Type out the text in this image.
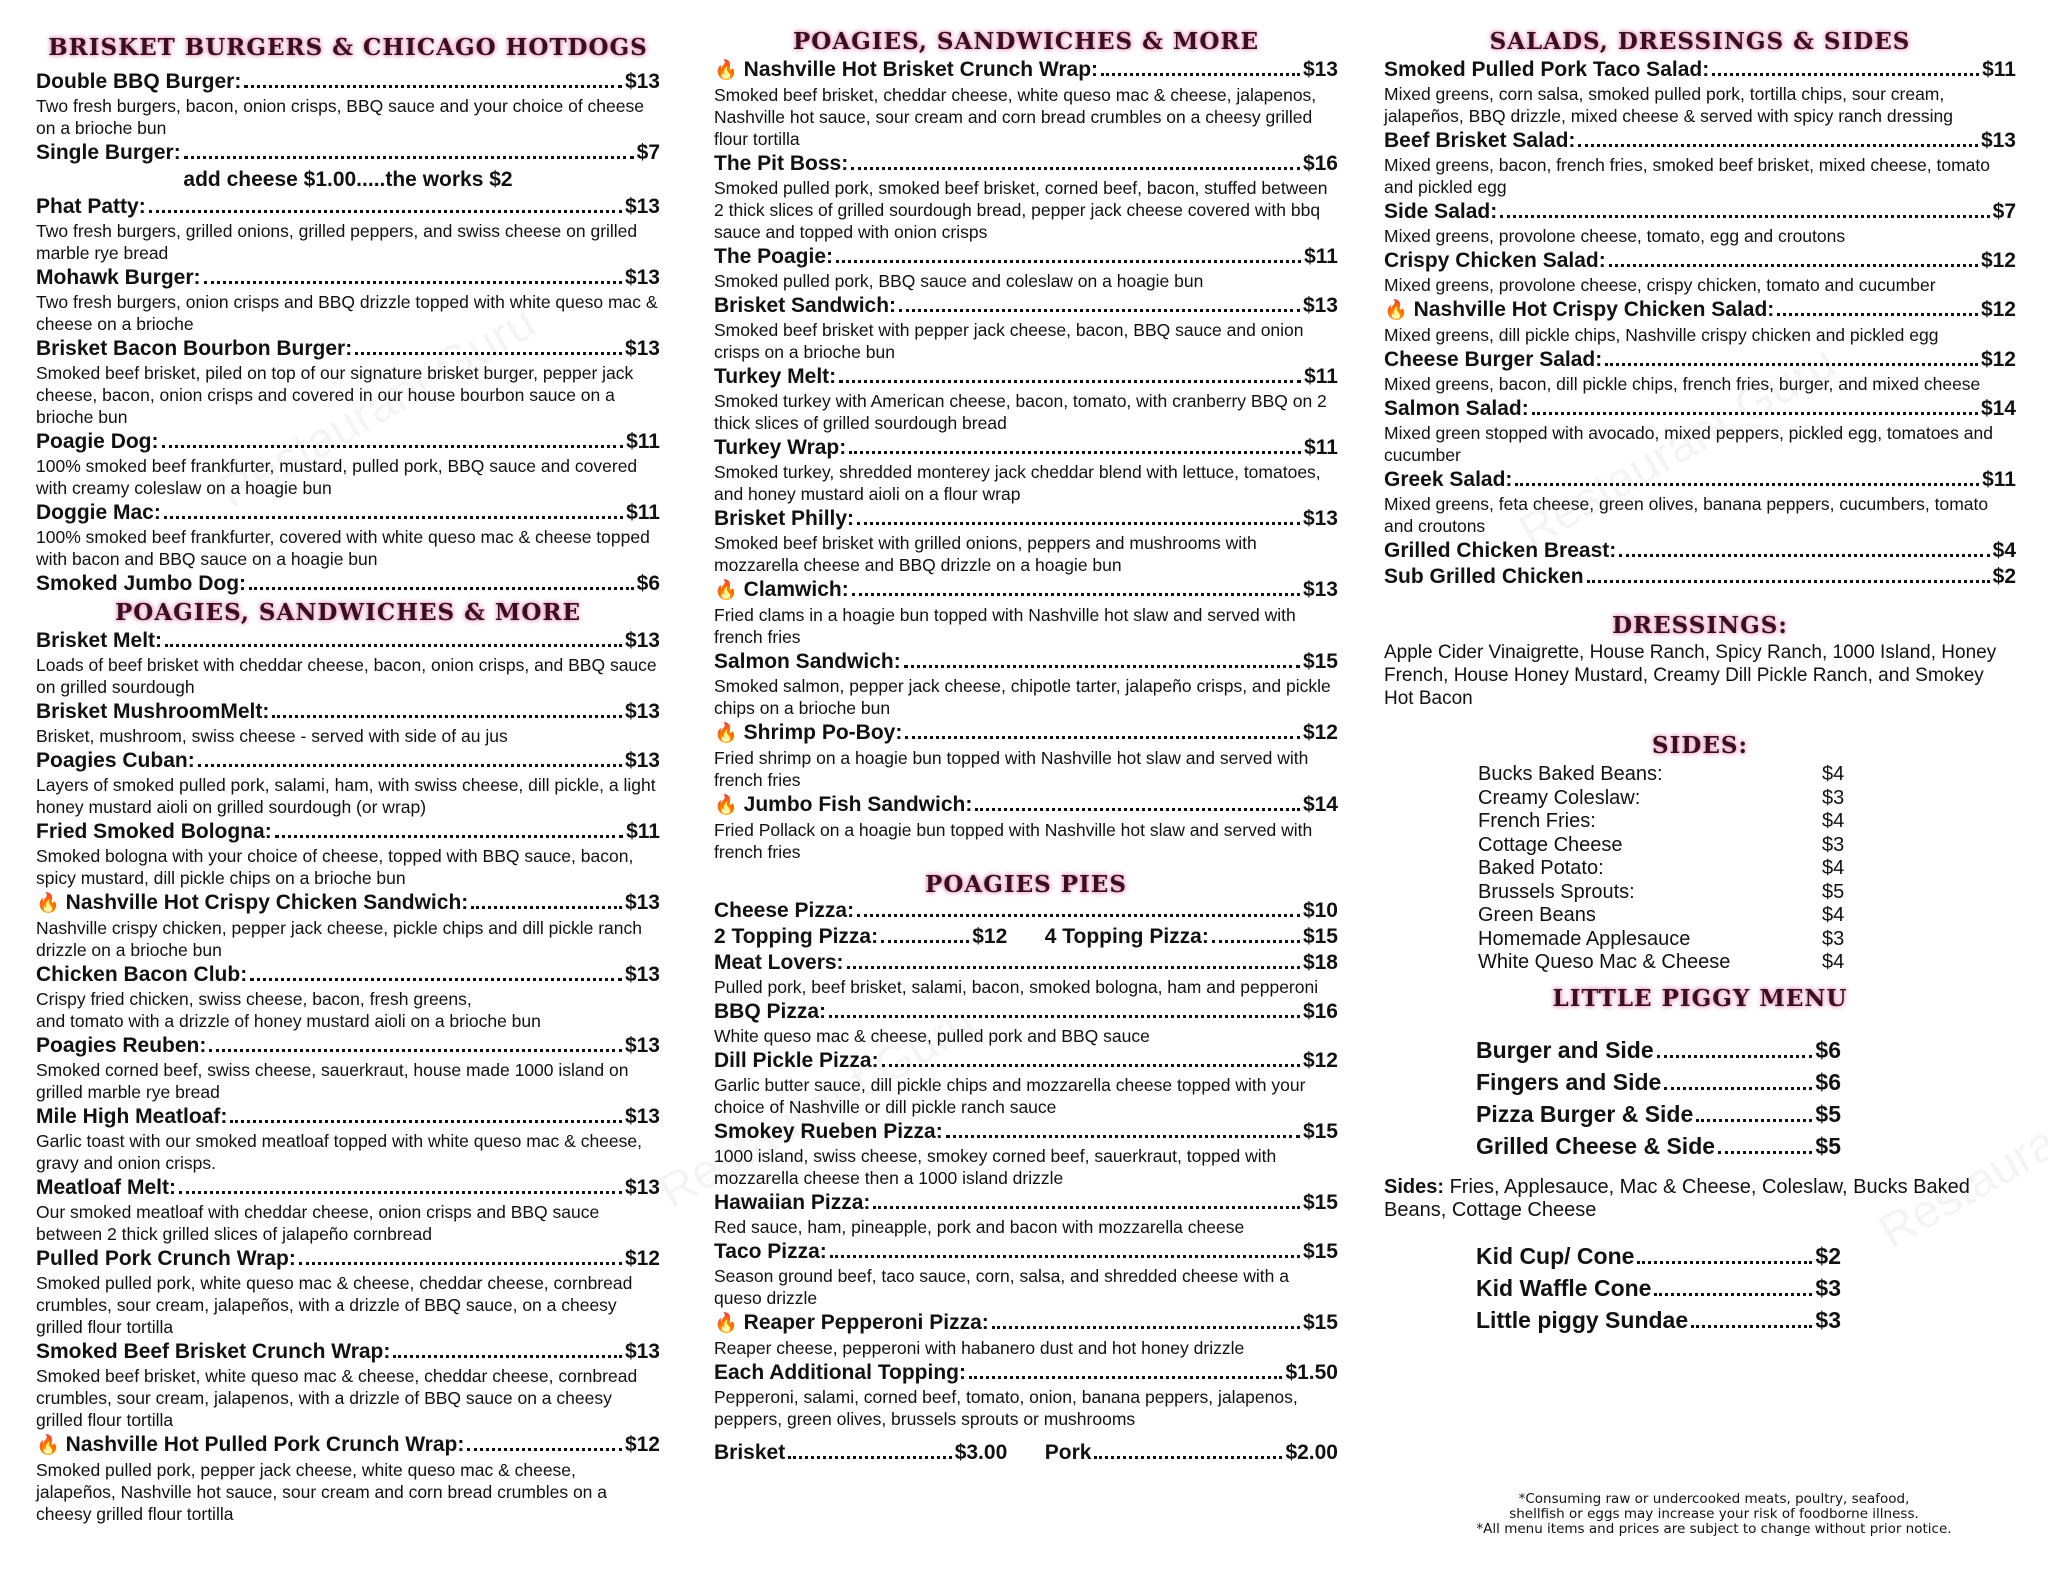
BRISKET BURGERS & CHICAGO HOTDOGS
Double BBQ Burger:	$13

Two fresh burgers, bacon, onion crisps, BBQ sauce and your choice of cheese on a brioche bun

Single Burger:	$7
add cheese $1.00.....the works $2
Phat Patty:	$13

Two fresh burgers, grilled onions, grilled peppers, and swiss cheese on grilled marble rye bread

Mohawk Burger:	$13

Two fresh burgers, onion crisps and BBQ drizzle topped with white queso mac & cheese on a brioche

Brisket Bacon Bourbon Burger:	$13

Smoked beef brisket, piled on top of our signature brisket burger, pepper jack cheese, bacon, onion crisps and covered in our house bourbon sauce on a brioche bun

Poagie Dog:	$11

100% smoked beef frankfurter, mustard, pulled pork, BBQ sauce and covered with creamy coleslaw on a hoagie bun

Doggie Mac:	$11

100% smoked beef frankfurter, covered with white queso mac & cheese topped with bacon and BBQ sauce on a hoagie bun

Smoked Jumbo Dog:	$6
POAGIES, SANDWICHES & MORE
Brisket Melt:	$13

Loads of beef brisket with cheddar cheese, bacon, onion crisps, and BBQ sauce on grilled sourdough

Brisket MushroomMelt:	$13

Brisket, mushroom, swiss cheese - served with side of au jus

Poagies Cuban:	$13

Layers of smoked pulled pork, salami, ham, with swiss cheese, dill pickle, a light honey mustard aioli on grilled sourdough (or wrap)

Fried Smoked Bologna:	$11

Smoked bologna with your choice of cheese, topped with BBQ sauce, bacon, spicy mustard, dill pickle chips on a brioche bun

🔥 Nashville Hot Crispy Chicken Sandwich:	$13

Nashville crispy chicken, pepper jack cheese, pickle chips and dill pickle ranch drizzle on a brioche bun

Chicken Bacon Club:	$13

Crispy fried chicken, swiss cheese, bacon, fresh greens,
and tomato with a drizzle of honey mustard aioli on a brioche bun

Poagies Reuben:	$13

Smoked corned beef, swiss cheese, sauerkraut, house made 1000 island on grilled marble rye bread

Mile High Meatloaf:	$13

Garlic toast with our smoked meatloaf topped with white queso mac & cheese, gravy and onion crisps.

Meatloaf Melt:	$13

Our smoked meatloaf with cheddar cheese, onion crisps and BBQ sauce between 2 thick grilled slices of jalapeño cornbread

Pulled Pork Crunch Wrap:	$12

Smoked pulled pork, white queso mac & cheese, cheddar cheese, cornbread crumbles, sour cream, jalapeños, with a drizzle of BBQ sauce, on a cheesy grilled flour tortilla

Smoked Beef Brisket Crunch Wrap:	$13

Smoked beef brisket, white queso mac & cheese, cheddar cheese, cornbread crumbles, sour cream, jalapenos, with a drizzle of BBQ sauce on a cheesy grilled flour tortilla

🔥 Nashville Hot Pulled Pork Crunch Wrap:	$12

Smoked pulled pork, pepper jack cheese, white queso mac & cheese, jalapeños, Nashville hot sauce, sour cream and corn bread crumbles on a cheesy grilled flour tortilla

POAGIES, SANDWICHES & MORE
🔥 Nashville Hot Brisket Crunch Wrap:	$13

Smoked beef brisket, cheddar cheese, white queso mac & cheese, jalapenos, Nashville hot sauce, sour cream and corn bread crumbles on a cheesy grilled flour tortilla

The Pit Boss:	$16

Smoked pulled pork, smoked beef brisket, corned beef, bacon, stuffed between 2 thick slices of grilled sourdough bread, pepper jack cheese covered with bbq sauce and topped with onion crisps

The Poagie:	$11

Smoked pulled pork, BBQ sauce and coleslaw on a hoagie bun

Brisket Sandwich:	$13

Smoked beef brisket with pepper jack cheese, bacon, BBQ sauce and onion crisps on a brioche bun

Turkey Melt:	$11

Smoked turkey with American cheese, bacon, tomato, with cranberry BBQ on 2 thick slices of grilled sourdough bread

Turkey Wrap:	$11

Smoked turkey, shredded monterey jack cheddar blend with lettuce, tomatoes, and honey mustard aioli on a flour wrap

Brisket Philly:	$13

Smoked beef brisket with grilled onions, peppers and mushrooms with mozzarella cheese and BBQ drizzle on a hoagie bun

🔥 Clamwich:	$13

Fried clams in a hoagie bun topped with Nashville hot slaw and served with french fries

Salmon Sandwich:	$15

Smoked salmon, pepper jack cheese, chipotle tarter, jalapeño crisps, and pickle chips on a brioche bun

🔥 Shrimp Po-Boy:	$12

Fried shrimp on a hoagie bun topped with Nashville hot slaw and served with french fries

🔥 Jumbo Fish Sandwich:	$14

Fried Pollack on a hoagie bun topped with Nashville hot slaw and served with french fries

POAGIES PIES
Cheese Pizza:	$10
2 Topping Pizza:	$12 4 Topping Pizza:	$15
Meat Lovers:	$18

Pulled pork, beef brisket, salami, bacon, smoked bologna, ham and pepperoni

BBQ Pizza:	$16

White queso mac & cheese, pulled pork and BBQ sauce

Dill Pickle Pizza:	$12

Garlic butter sauce, dill pickle chips and mozzarella cheese topped with your choice of Nashville or dill pickle ranch sauce

Smokey Rueben Pizza:	$15

1000 island, swiss cheese, smokey corned beef, sauerkraut, topped with mozzarella cheese then a 1000 island drizzle

Hawaiian Pizza:	$15

Red sauce, ham, pineapple, pork and bacon with mozzarella cheese

Taco Pizza:	$15

Season ground beef, taco sauce, corn, salsa, and shredded cheese with a queso drizzle

🔥 Reaper Pepperoni Pizza:	$15

Reaper cheese, pepperoni with habanero dust and hot honey drizzle

Each Additional Topping:	$1.50

Pepperoni, salami, corned beef, tomato, onion, banana peppers, jalapenos, peppers, green olives, brussels sprouts or mushrooms

Brisket	$3.00 Pork	$2.00
SALADS, DRESSINGS & SIDES
Smoked Pulled Pork Taco Salad:	$11

Mixed greens, corn salsa, smoked pulled pork, tortilla chips, sour cream, jalapeños, BBQ drizzle, mixed cheese & served with spicy ranch dressing

Beef Brisket Salad:	$13

Mixed greens, bacon, french fries, smoked beef brisket, mixed cheese, tomato and pickled egg

Side Salad:	$7

Mixed greens, provolone cheese, tomato, egg and croutons

Crispy Chicken Salad:	$12

Mixed greens, provolone cheese, crispy chicken, tomato and cucumber

🔥 Nashville Hot Crispy Chicken Salad:	$12

Mixed greens, dill pickle chips, Nashville crispy chicken and pickled egg

Cheese Burger Salad:	$12

Mixed greens, bacon, dill pickle chips, french fries, burger, and mixed cheese

Salmon Salad:	$14

Mixed green stopped with avocado, mixed peppers, pickled egg, tomatoes and cucumber

Greek Salad:	$11

Mixed greens, feta cheese, green olives, banana peppers, cucumbers, tomato and croutons

Grilled Chicken Breast:	$4
Sub Grilled Chicken	$2
DRESSINGS:

Apple Cider Vinaigrette, House Ranch, Spicy Ranch, 1000 Island, Honey French, House Honey Mustard, Creamy Dill Pickle Ranch, and Smokey Hot Bacon

SIDES:
Bucks Baked Beans:	$4
Creamy Coleslaw:	$3
French Fries:	$4
Cottage Cheese	$3
Baked Potato:	$4
Brussels Sprouts:	$5
Green Beans	$4
Homemade Applesauce	$3
White Queso Mac & Cheese	$4
LITTLE PIGGY MENU
Burger and Side	$6
Fingers and Side	$6
Pizza Burger & Side	$5
Grilled Cheese & Side	$5

Sides: Fries, Applesauce, Mac & Cheese, Coleslaw, Bucks Baked Beans, Cottage Cheese

Kid Cup/ Cone	$2
Kid Waffle Cone	$3
Little piggy Sundae	$3
*Consuming raw or undercooked meats, poultry, seafood,
shellfish or eggs may increase your risk of foodborne illness.
*All menu items and prices are subject to change without prior notice.
